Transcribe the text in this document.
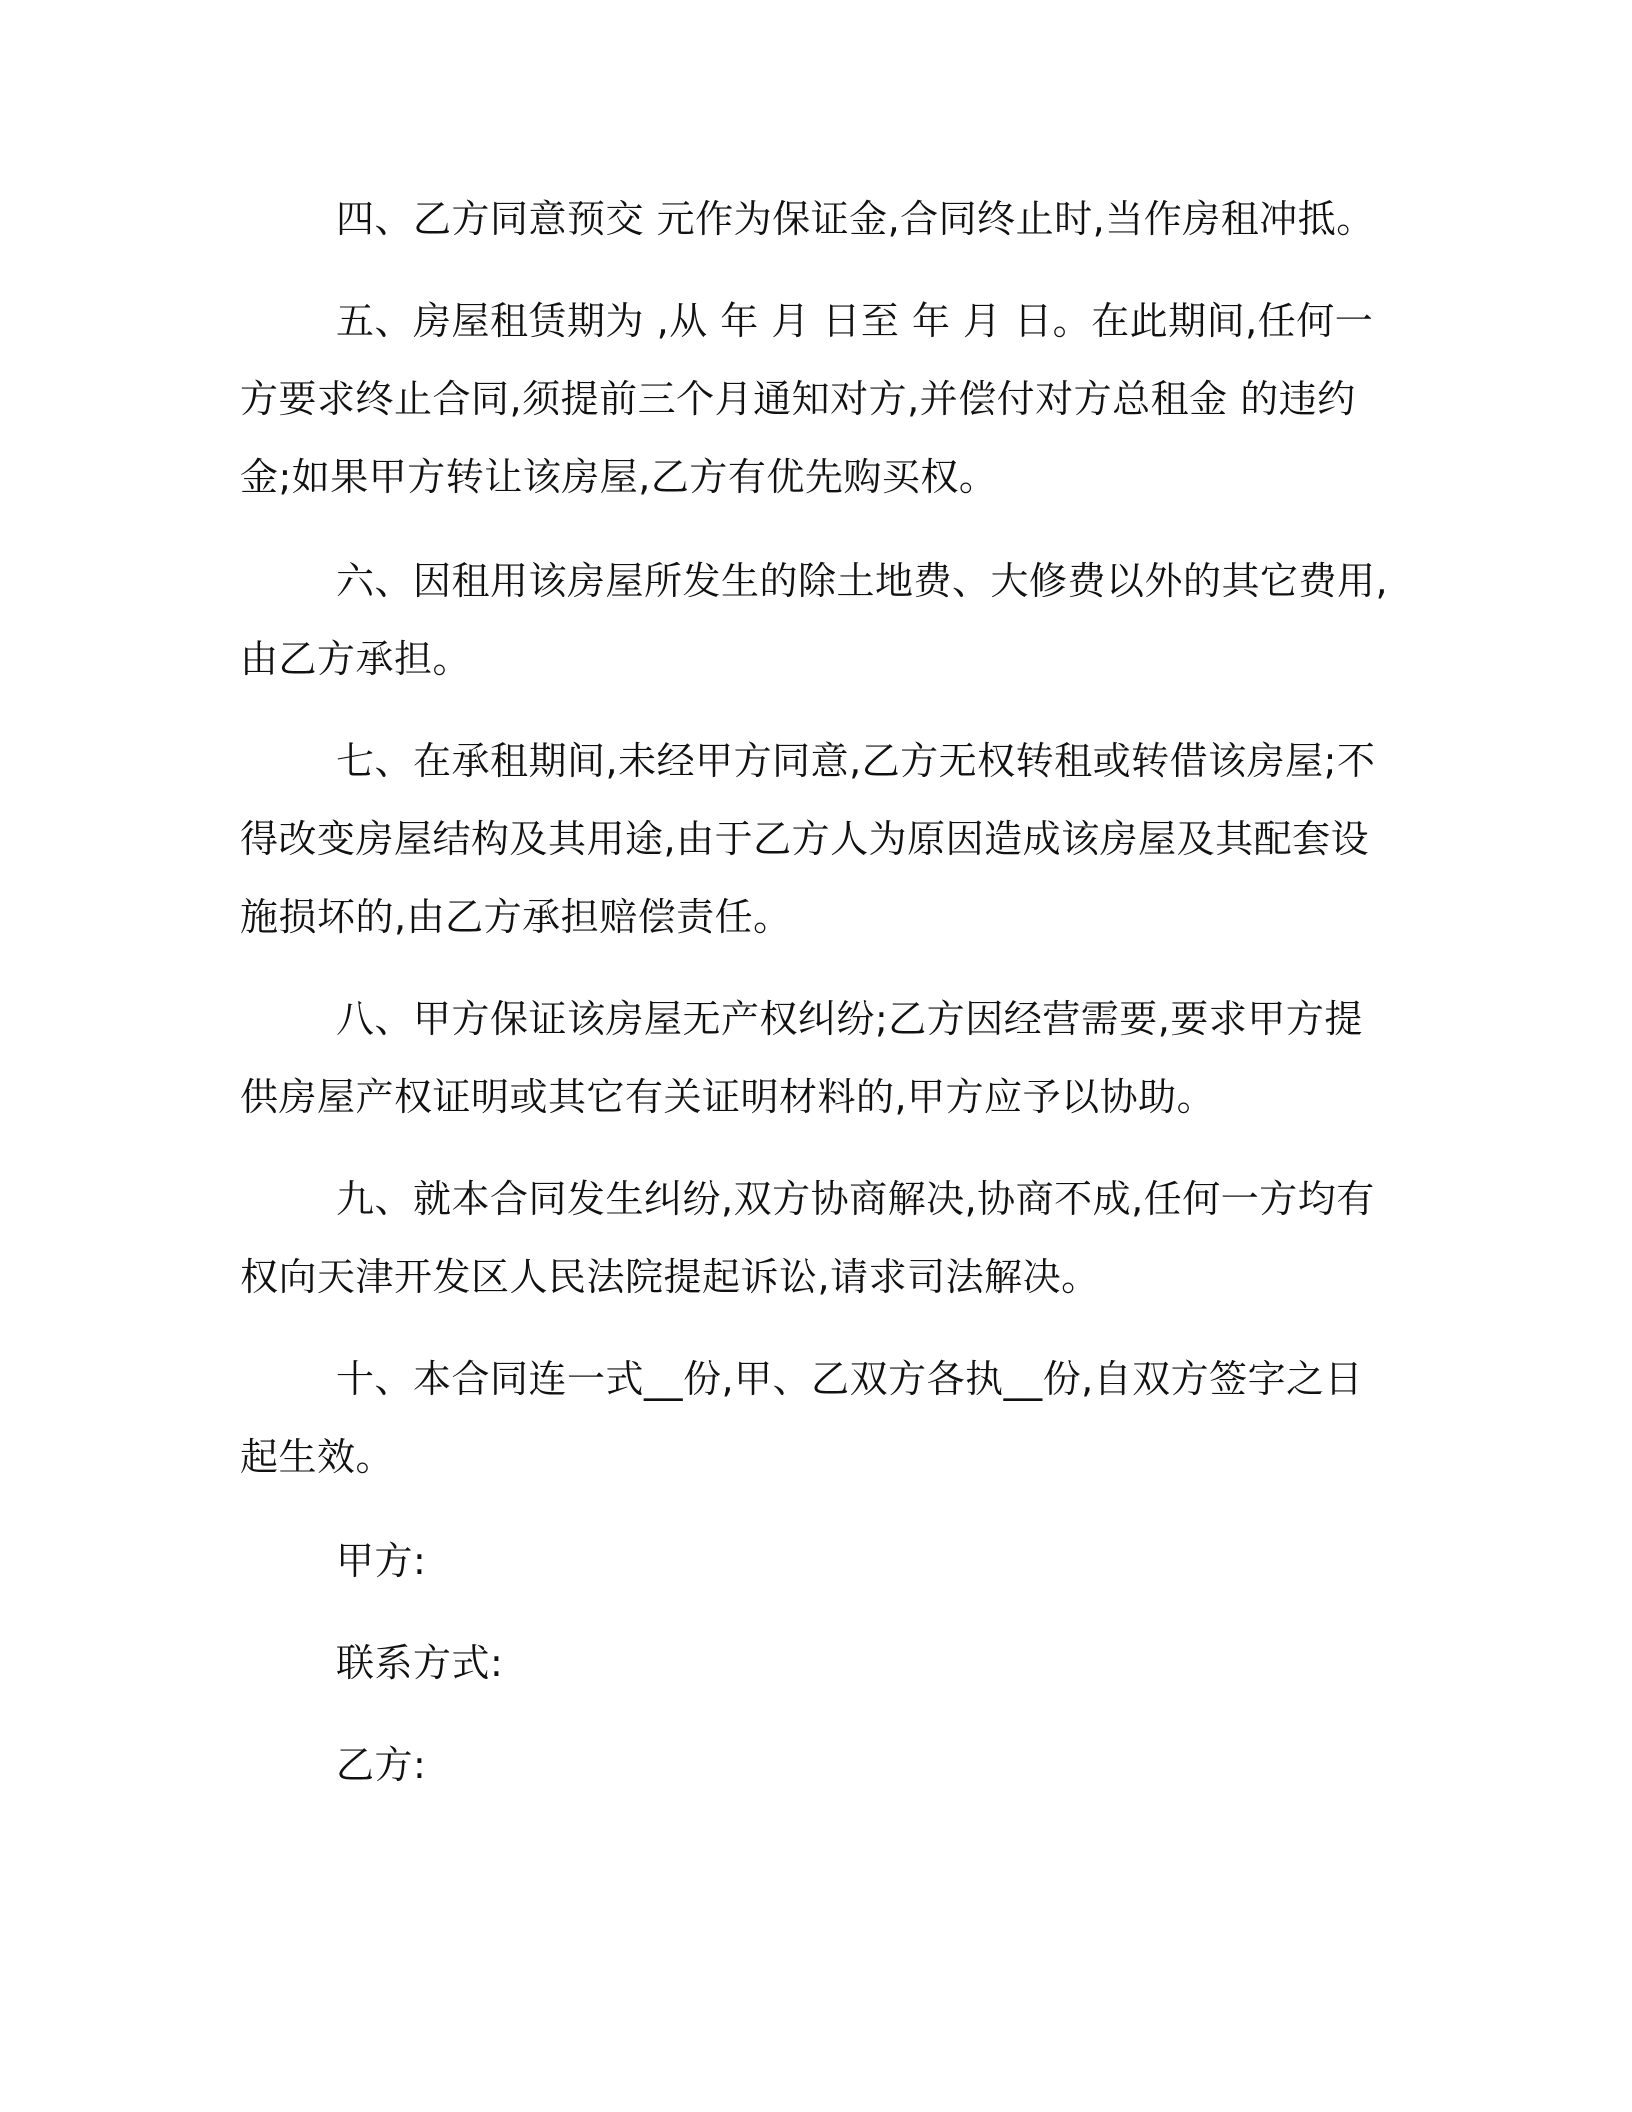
四、乙方同意预交 元作为保证金,合同终止时,当作房租冲抵。

五、房屋租赁期为 ,从 年 月 日至 年 月 日。在此期间,任何一方要求终止合同,须提前三个月通知对方,并偿付对方总租金 的违约金;如果甲方转让该房屋,乙方有优先购买权。

六、因租用该房屋所发生的除土地费、大修费以外的其它费用,由乙方承担。

七、在承租期间,未经甲方同意,乙方无权转租或转借该房屋;不得改变房屋结构及其用途,由于乙方人为原因造成该房屋及其配套设施损坏的,由乙方承担赔偿责任。

八、甲方保证该房屋无产权纠纷;乙方因经营需要,要求甲方提供房屋产权证明或其它有关证明材料的,甲方应予以协助。

九、就本合同发生纠纷,双方协商解决,协商不成,任何一方均有权向天津开发区人民法院提起诉讼,请求司法解决。

十、本合同连一式__份,甲、乙双方各执__份,自双方签字之日起生效。

甲方:

联系方式:

乙方:
